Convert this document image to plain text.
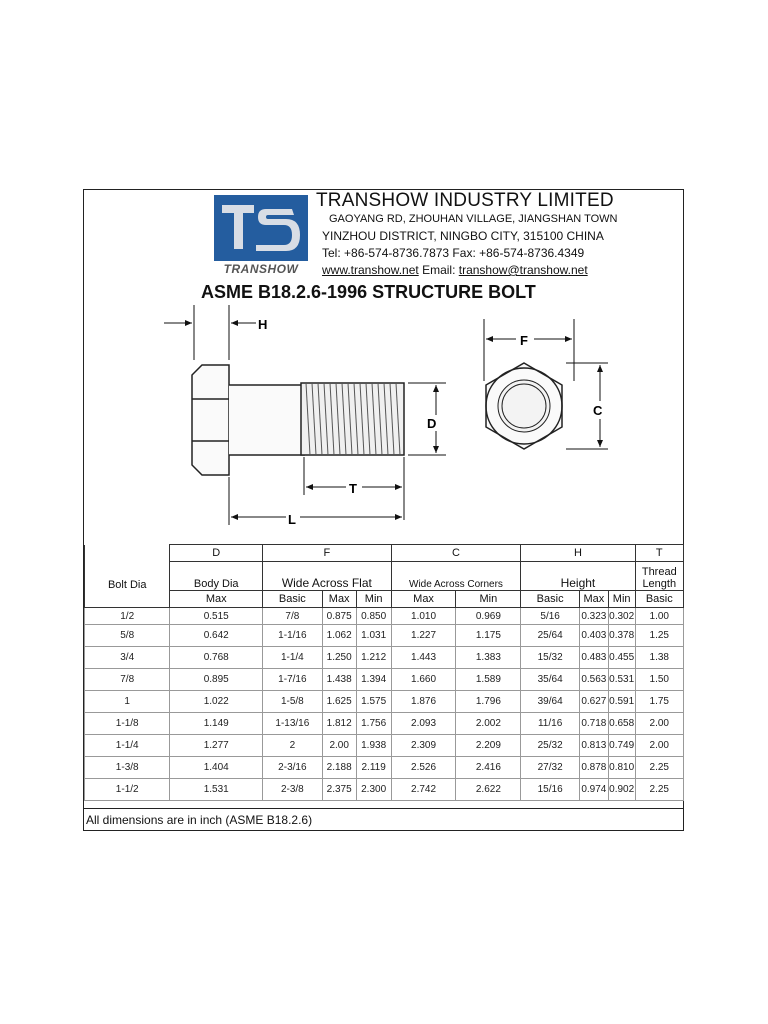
TRANSHOW
TRANSHOW INDUSTRY LIMITED
GAOYANG RD, ZHOUHAN VILLAGE, JIANGSHAN TOWN
YINZHOU DISTRICT, NINGBO CITY, 315100 CHINA
Tel: +86-574-8736.7873 Fax: +86-574-8736.4349
www.transhow.net Email: transhow@transhow.net
ASME B18.2.6-1996 STRUCTURE BOLT
H
D
T
L
F
C
	D	F			C		H			T
Bolt Dia	Body Dia	Wide Across Flat			Wide Across Corners		Height			Thread
Length
	Max	Basic	Max	Min	Max	Min	Basic	Max	Min	Basic
1/2	0.515	7/8	0.875	0.850	1.010	0.969	5/16	0.323	0.302	1.00
5/8	0.642	1-1/16	1.062	1.031	1.227	1.175	25/64	0.403	0.378	1.25
3/4	0.768	1-1/4	1.250	1.212	1.443	1.383	15/32	0.483	0.455	1.38
7/8	0.895	1-7/16	1.438	1.394	1.660	1.589	35/64	0.563	0.531	1.50
1	1.022	1-5/8	1.625	1.575	1.876	1.796	39/64	0.627	0.591	1.75
1-1/8	1.149	1-13/16	1.812	1.756	2.093	2.002	11/16	0.718	0.658	2.00
1-1/4	1.277	2	2.00	1.938	2.309	2.209	25/32	0.813	0.749	2.00
1-3/8	1.404	2-3/16	2.188	2.119	2.526	2.416	27/32	0.878	0.810	2.25
1-1/2	1.531	2-3/8	2.375	2.300	2.742	2.622	15/16	0.974	0.902	2.25
All dimensions are in inch (ASME B18.2.6)
